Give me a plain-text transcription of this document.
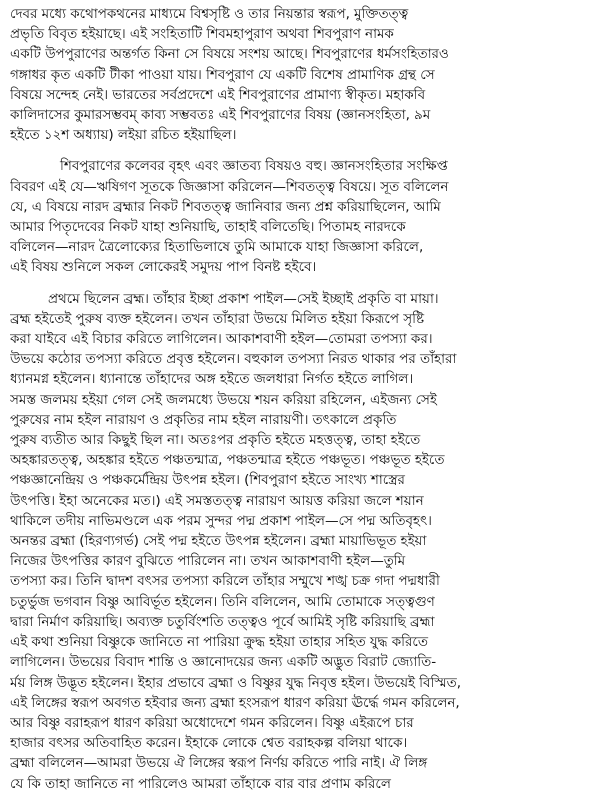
দেবর মধ্যে কথোপকথনের মাধ্যমে বিশ্বসৃষ্টি ও তার নিয়ন্তার স্বরূপ, মুক্তিতত্ত্ব
প্রভৃতি বিবৃত হইয়াছে। এই সংহিতাটি শিবমহাপুরাণ অথবা শিবপুরাণ নামক
একটি উপপুরাণের অন্তর্গত কিনা সে বিষয়ে সংশয় আছে। শিবপুরাণের ধর্মসংহিতারও
গঙ্গাধর কৃত একটি টীকা পাওয়া যায়। শিবপুরাণ যে একটি বিশেষ প্রামাণিক গ্রন্থ সে
বিষয়ে সন্দেহ নেই। ভারতের সর্বপ্রদেশে এই শিবপুরাণের প্রামাণ্য স্বীকৃত। মহাকবি
কালিদাসের কুমারসম্ভবম্ কাব্য সম্ভবতঃ এই শিবপুরাণের বিষয় (জ্ঞানসংহিতা, ৯ম
হইতে ১২শ অধ্যায়) লইয়া রচিত হইয়াছিল।
শিবপুরাণের কলেবর বৃহৎ এবং জ্ঞাতব্য বিষয়ও বহু। জ্ঞানসংহিতার সংক্ষিপ্ত
বিবরণ এই যে—ঋষিগণ সূতকে জিজ্ঞাসা করিলেন—শিবতত্ত্ব বিষয়ে। সূত বলিলেন
যে, এ বিষয়ে নারদ ব্রহ্মার নিকট শিবতত্ত্ব জানিবার জন্য প্রশ্ন করিয়াছিলেন, আমি
আমার পিতৃদেবের নিকট যাহা শুনিয়াছি, তাহাই বলিতেছি। পিতামহ নারদকে
বলিলেন—নারদ ত্রৈলোক্যের হিতাভিলাষে তুমি আমাকে যাহা জিজ্ঞাসা করিলে,
এই বিষয় শুনিলে সকল লোকেরই সমুদয় পাপ বিনষ্ট হইবে।
প্রথমে ছিলেন ব্রহ্ম। তাঁহার ইচ্ছা প্রকাশ পাইল—সেই ইচ্ছাই প্রকৃতি বা মায়া।
ব্রহ্ম হইতেই পুরুষ ব্যক্ত হইলেন। তখন তাঁহারা উভয়ে মিলিত হইয়া কিরূপে সৃষ্টি
করা যাইবে এই বিচার করিতে লাগিলেন। আকাশবাণী হইল—তোমরা তপস্যা কর।
উভয়ে কঠোর তপস্যা করিতে প্রবৃত্ত হইলেন। বহুকাল তপস্যা নিরত থাকার পর তাঁহারা
ধ্যানমগ্ন হইলেন। ধ্যানান্তে তাঁহাদের অঙ্গ হইতে জলধারা নির্গত হইতে লাগিল।
সমস্ত জলময় হইয়া গেল সেই জলমধ্যে উভয়ে শয়ন করিয়া রহিলেন, এইজন্য সেই
পুরুষের নাম হইল নারায়ণ ও প্রকৃতির নাম হইল নারায়ণী। তৎকালে প্রকৃতি
পুরুষ ব্যতীত আর কিছুই ছিল না। অতঃপর প্রকৃতি হইতে মহত্তত্ত্ব, তাহা হইতে
অহঙ্কারতত্ত্ব, অহঙ্কার হইতে পঞ্চতন্মাত্র, পঞ্চতন্মাত্র হইতে পঞ্চভূত। পঞ্চভূত হইতে
পঞ্চজ্ঞানেন্দ্রিয় ও পঞ্চকর্মেন্দ্রিয় উৎপন্ন হইল। (শিবপুরাণ হইতে সাংখ্য শাস্ত্রের
উৎপত্তি। ইহা অনেকের মত।) এই সমস্ততত্ত্ব নারায়ণ আয়ত্ত করিয়া জলে শয়ান
থাকিলে তদীয় নাভিমণ্ডলে এক পরম সুন্দর পদ্ম প্রকাশ পাইল—সে পদ্ম অতিবৃহৎ।
অনন্তর ব্রহ্মা (হিরণ্যগর্ভ) সেই পদ্ম হইতে উৎপন্ন হইলেন। ব্রহ্মা মায়াভিভূত হইয়া
নিজের উৎপত্তির কারণ বুঝিতে পারিলেন না। তখন আকাশবাণী হইল—তুমি
তপস্যা কর। তিনি দ্বাদশ বৎসর তপস্যা করিলে তাঁহার সম্মুখে শঙ্খ চক্র গদা পদ্মধারী
চতুর্ভুজ ভগবান বিষ্ণু আবির্ভূত হইলেন। তিনি বলিলেন, আমি তোমাকে সত্ত্বগুণ
দ্বারা নির্মাণ করিয়াছি। অব্যক্ত চতুর্বিংশতি তত্ত্বও পূর্বে আমিই সৃষ্টি করিয়াছি ব্রহ্মা
এই কথা শুনিয়া বিষ্ণুকে জানিতে না পারিয়া ক্রুদ্ধ হইয়া তাহার সহিত যুদ্ধ করিতে
লাগিলেন। উভয়ের বিবাদ শান্তি ও জ্ঞানোদয়ের জন্য একটি অদ্ভুত বিরাট জ্যোতি-
র্ময় লিঙ্গ উদ্ভূত হইলেন। ইহার প্রভাবে ব্রহ্মা ও বিষ্ণুর যুদ্ধ নিবৃত্ত হইল। উভয়েই বিস্মিত,
এই লিঙ্গের স্বরূপ অবগত হইবার জন্য ব্রহ্মা হংসরূপ ধারণ করিয়া ঊর্দ্ধে গমন করিলেন,
আর বিষ্ণু বরাহরূপ ধারণ করিয়া অধোদেশে গমন করিলেন। বিষ্ণু এইরূপে চার
হাজার বৎসর অতিবাহিত করেন। ইহাকে লোকে শ্বেত বরাহকল্প বলিয়া থাকে।
ব্রহ্মা বলিলেন—আমরা উভয়ে ঐ লিঙ্গের স্বরূপ নির্ণয় করিতে পারি নাই। ঐ লিঙ্গ
যে কি তাহা জানিতে না পারিলেও আমরা তাঁহাকে বার বার প্রণাম করিলে
